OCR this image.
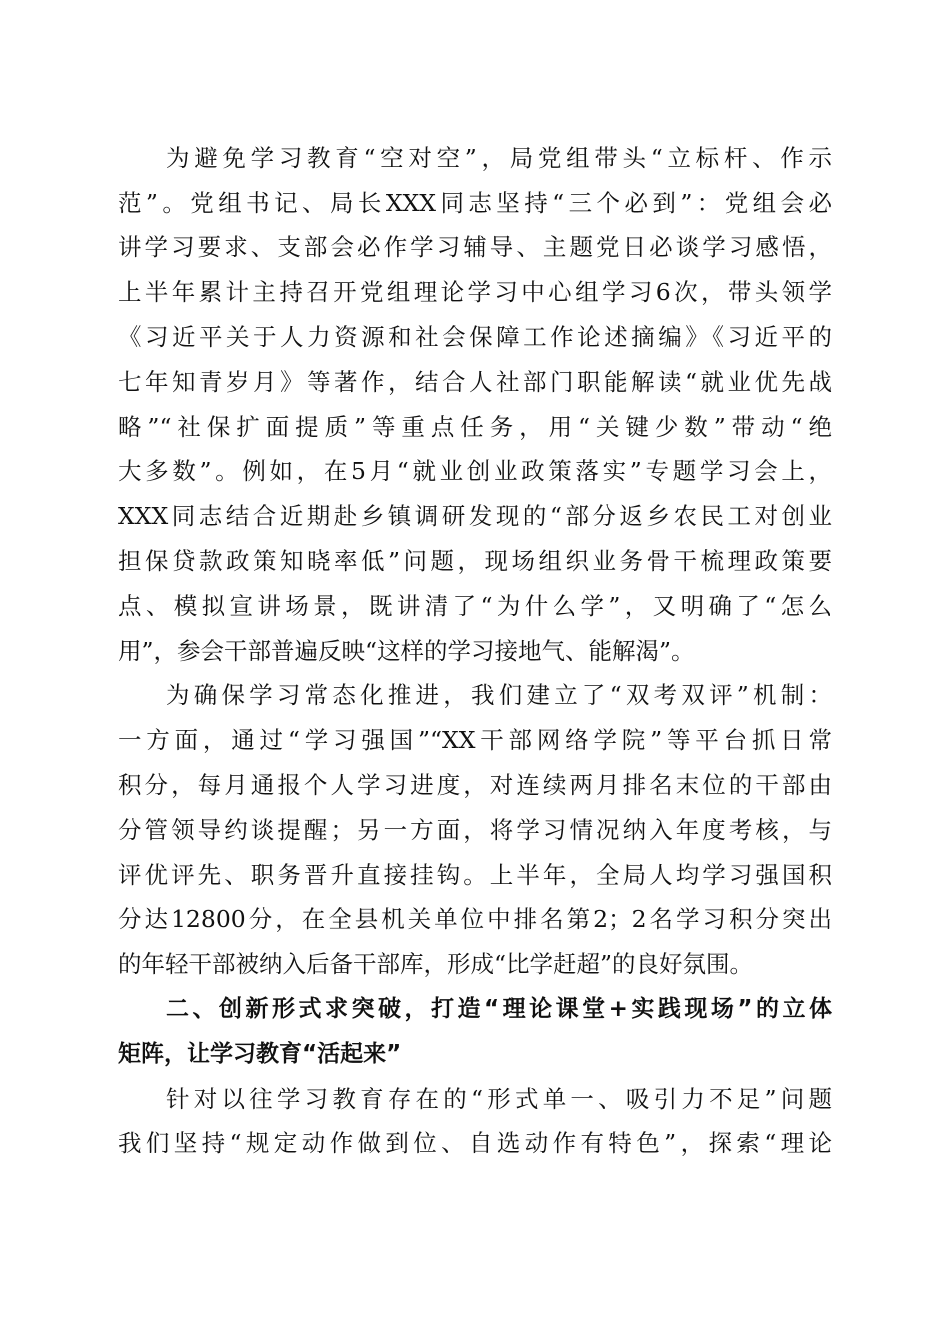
为避免学习教育“空对空”，局党组带头“立标杆、作示
范”。党组书记、局长XXX同志坚持“三个必到”：党组会必
讲学习要求、支部会必作学习辅导、主题党日必谈学习感悟，
上半年累计主持召开党组理论学习中心组学习6次，带头领学
《习近平关于人力资源和社会保障工作论述摘编》《习近平的
七年知青岁月》等著作，结合人社部门职能解读“就业优先战
略”“社保扩面提质”等重点任务，用“关键少数”带动“绝
大多数”。例如，在5月“就业创业政策落实”专题学习会上，
XXX同志结合近期赴乡镇调研发现的“部分返乡农民工对创业
担保贷款政策知晓率低”问题，现场组织业务骨干梳理政策要
点、模拟宣讲场景，既讲清了“为什么学”，又明确了“怎么
用”，参会干部普遍反映“这样的学习接地气、能解渴”。
为确保学习常态化推进，我们建立了“双考双评”机制：
一方面，通过“学习强国”“XX干部网络学院”等平台抓日常
积分，每月通报个人学习进度，对连续两月排名末位的干部由
分管领导约谈提醒；另一方面，将学习情况纳入年度考核，与
评优评先、职务晋升直接挂钩。上半年，全局人均学习强国积
分达12800分，在全县机关单位中排名第2；2名学习积分突出
的年轻干部被纳入后备干部库，形成“比学赶超”的良好氛围。
二、创新形式求突破，打造“理论课堂+实践现场”的立体
矩阵，让学习教育“活起来”
针对以往学习教育存在的“形式单一、吸引力不足”问题
我们坚持“规定动作做到位、自选动作有特色”，探索“理论
